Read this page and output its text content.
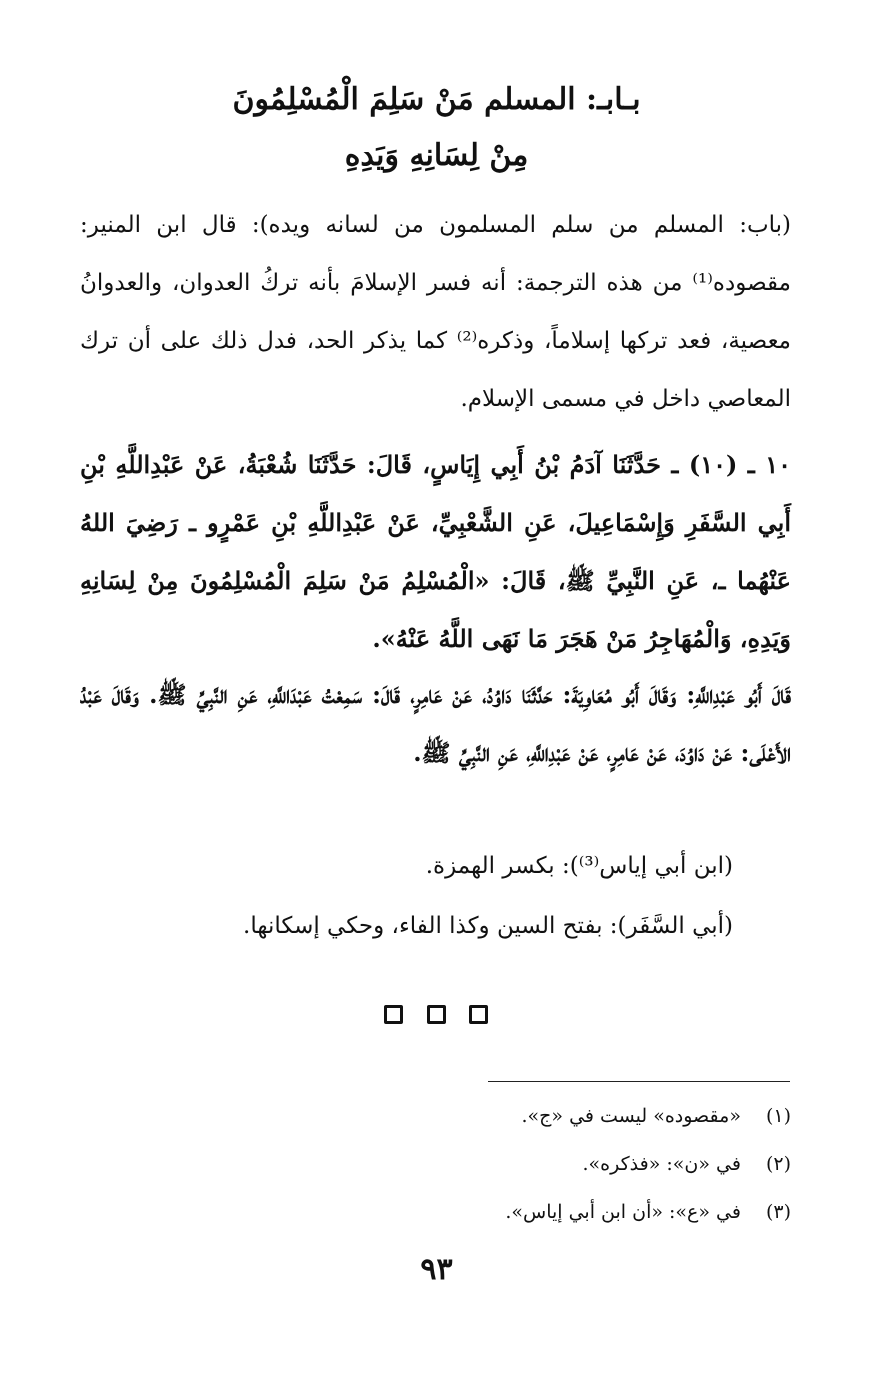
بـابـ: المسلم مَنْ سَلِمَ الْمُسْلِمُونَ
مِنْ لِسَانِهِ وَيَدِهِ

(باب: المسلم من سلم المسلمون من لسانه ويده): قال ابن المنير: مقصوده⁽¹⁾ من هذه الترجمة: أنه فسر الإسلامَ بأنه تركُ العدوان، والعدوانُ معصية، فعد تركها إسلاماً، وذكره⁽²⁾ كما يذكر الحد، فدل ذلك على أن ترك المعاصي داخل في مسمى الإسلام.

١٠ ـ (١٠) ـ حَدَّثَنَا آدَمُ بْنُ أَبِي إِيَاسٍ، قَالَ: حَدَّثَنَا شُعْبَةُ، عَنْ عَبْدِاللَّهِ بْنِ أَبِي السَّفَرِ وَإِسْمَاعِيلَ، عَنِ الشَّعْبِيِّ، عَنْ عَبْدِاللَّهِ بْنِ عَمْرٍو ـ رَضِيَ اللهُ عَنْهُما ـ، عَنِ النَّبِيِّ ﷺ، قَالَ: «الْمُسْلِمُ مَنْ سَلِمَ الْمُسْلِمُونَ مِنْ لِسَانِهِ وَيَدِهِ، وَالْمُهَاجِرُ مَنْ هَجَرَ مَا نَهَى اللَّهُ عَنْهُ».

قَالَ أَبُو عَبْدِاللَّهِ: وَقَالَ أَبُو مُعَاوِيَةَ: حَدَّثَنَا دَاوُدُ، عَنْ عَامِرٍ، قَالَ: سَمِعْتُ عَبْدَاللَّهِ، عَنِ النَّبِيِّ ﷺ. وَقَالَ عَبْدُ الأَعْلَى: عَنْ دَاوُدَ، عَنْ عَامِرٍ، عَنْ عَبْدِاللَّهِ، عَنِ النَّبِيِّ ﷺ.

(ابن أبي إياس⁽³⁾): بكسر الهمزة.

(أبي السَّفَر): بفتح السين وكذا الفاء، وحكي إسكانها.

(١) «مقصوده» ليست في «ج».
(٢) في «ن»: «فذكره».
(٣) في «ع»: «أن ابن أبي إياس».
٩٣
